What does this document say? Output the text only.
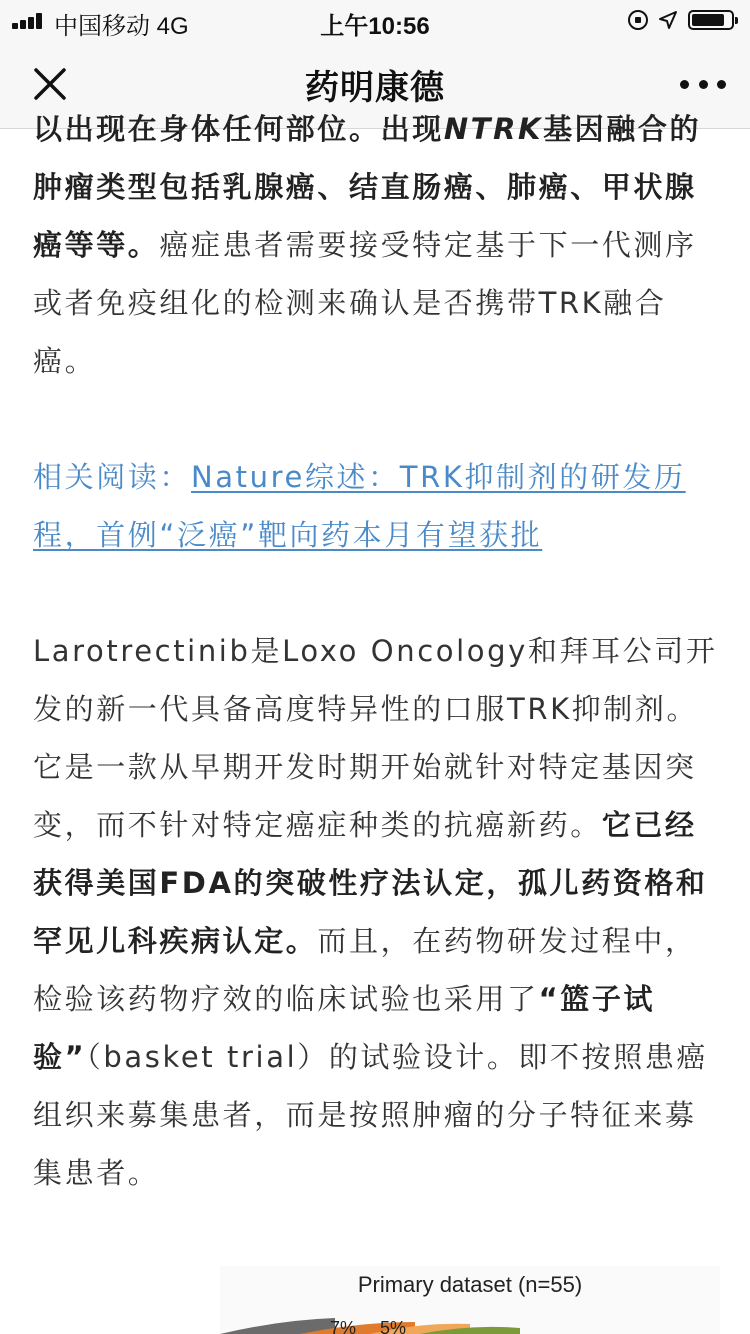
中国移动 4G	上午10:56
药明康德

以出现在身体任何部位。出现NTRK基因融合的肿瘤类型包括乳腺癌、结直肠癌、肺癌、甲状腺癌等等。癌症患者需要接受特定基于下一代测序或者免疫组化的检测来确认是否携带TRK融合癌。

相关阅读：Nature综述：TRK抑制剂的研发历程，首例“泛癌”靶向药本月有望获批

Larotrectinib是Loxo Oncology和拜耳公司开发的新一代具备高度特异性的口服TRK抑制剂。它是一款从早期开发时期开始就针对特定基因突变，而不针对特定癌症种类的抗癌新药。它已经获得美国FDA的突破性疗法认定，孤儿药资格和罕见儿科疾病认定。而且，在药物研发过程中，检验该药物疗效的临床试验也采用了“篮子试验”（basket trial）的试验设计。即不按照患癌组织来募集患者，而是按照肿瘤的分子特征来募集患者。

7% 5%
Primary dataset (n=55)
